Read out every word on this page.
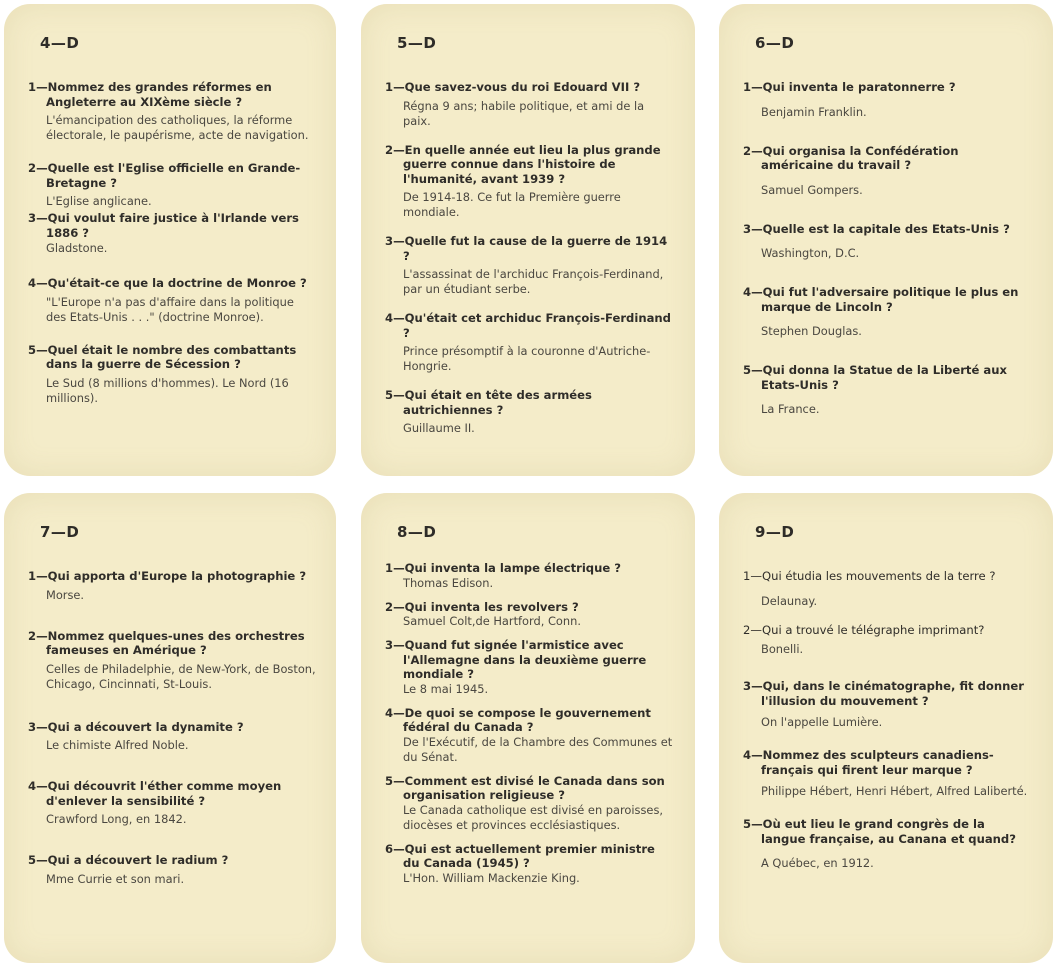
4—D

1—Nommez des grandes réformes en Angleterre au XIXème siècle ?

L'émancipation des catholiques, la réforme électorale, le paupérisme, acte de navigation.

2—Quelle est l'Eglise officielle en Grande-Bretagne ?

L'Eglise anglicane.

3—Qui voulut faire justice à l'Irlande vers 1886 ?

Gladstone.

4—Qu'était-ce que la doctrine de Monroe ?

"L'Europe n'a pas d'affaire dans la politique des Etats-Unis . . ." (doctrine Monroe).

5—Quel était le nombre des combattants dans la guerre de Sécession ?

Le Sud (8 millions d'hommes). Le Nord (16 millions).

5—D

1—Que savez-vous du roi Edouard VII ?

Régna 9 ans; habile politique, et ami de la paix.

2—En quelle année eut lieu la plus grande guerre connue dans l'histoire de l'humanité, avant 1939 ?

De 1914-18. Ce fut la Première guerre mondiale.

3—Quelle fut la cause de la guerre de 1914 ?

L'assassinat de l'archiduc François-Ferdinand, par un étudiant serbe.

4—Qu'était cet archiduc François-Ferdinand ?

Prince présomptif à la couronne d'Autriche-Hongrie.

5—Qui était en tête des armées autrichiennes ?

Guillaume II.

6—D

1—Qui inventa le paratonnerre ?

Benjamin Franklin.

2—Qui organisa la Confédération américaine du travail ?

Samuel Gompers.

3—Quelle est la capitale des Etats-Unis ?

Washington, D.C.

4—Qui fut l'adversaire politique le plus en marque de Lincoln ?

Stephen Douglas.

5—Qui donna la Statue de la Liberté aux Etats-Unis ?

La France.

7—D

1—Qui apporta d'Europe la photographie ?

Morse.

2—Nommez quelques-unes des orchestres fameuses en Amérique ?

Celles de Philadelphie, de New-York, de Boston, Chicago, Cincinnati, St-Louis.

3—Qui a découvert la dynamite ?

Le chimiste Alfred Noble.

4—Qui découvrit l'éther comme moyen d'enlever la sensibilité ?

Crawford Long, en 1842.

5—Qui a découvert le radium ?

Mme Currie et son mari.

8—D

1—Qui inventa la lampe électrique ?

Thomas Edison.

2—Qui inventa les revolvers ?

Samuel Colt,de Hartford, Conn.

3—Quand fut signée l'armistice avec l'Allemagne dans la deuxième guerre mondiale ?

Le 8 mai 1945.

4—De quoi se compose le gouvernement fédéral du Canada ?

De l'Exécutif, de la Chambre des Communes et du Sénat.

5—Comment est divisé le Canada dans son organisation religieuse ?

Le Canada catholique est divisé en paroisses, diocèses et provinces ecclésiastiques.

6—Qui est actuellement premier ministre du Canada (1945) ?

L'Hon. William Mackenzie King.

9—D

1—Qui étudia les mouvements de la terre ?

Delaunay.

2—Qui a trouvé le télégraphe imprimant?

Bonelli.

3—Qui, dans le cinématographe, fit donner l'illusion du mouvement ?

On l'appelle Lumière.

4—Nommez des sculpteurs canadiens-français qui firent leur marque ?

Philippe Hébert, Henri Hébert, Alfred Laliberté.

5—Où eut lieu le grand congrès de la langue française, au Canana et quand?

A Québec, en 1912.
